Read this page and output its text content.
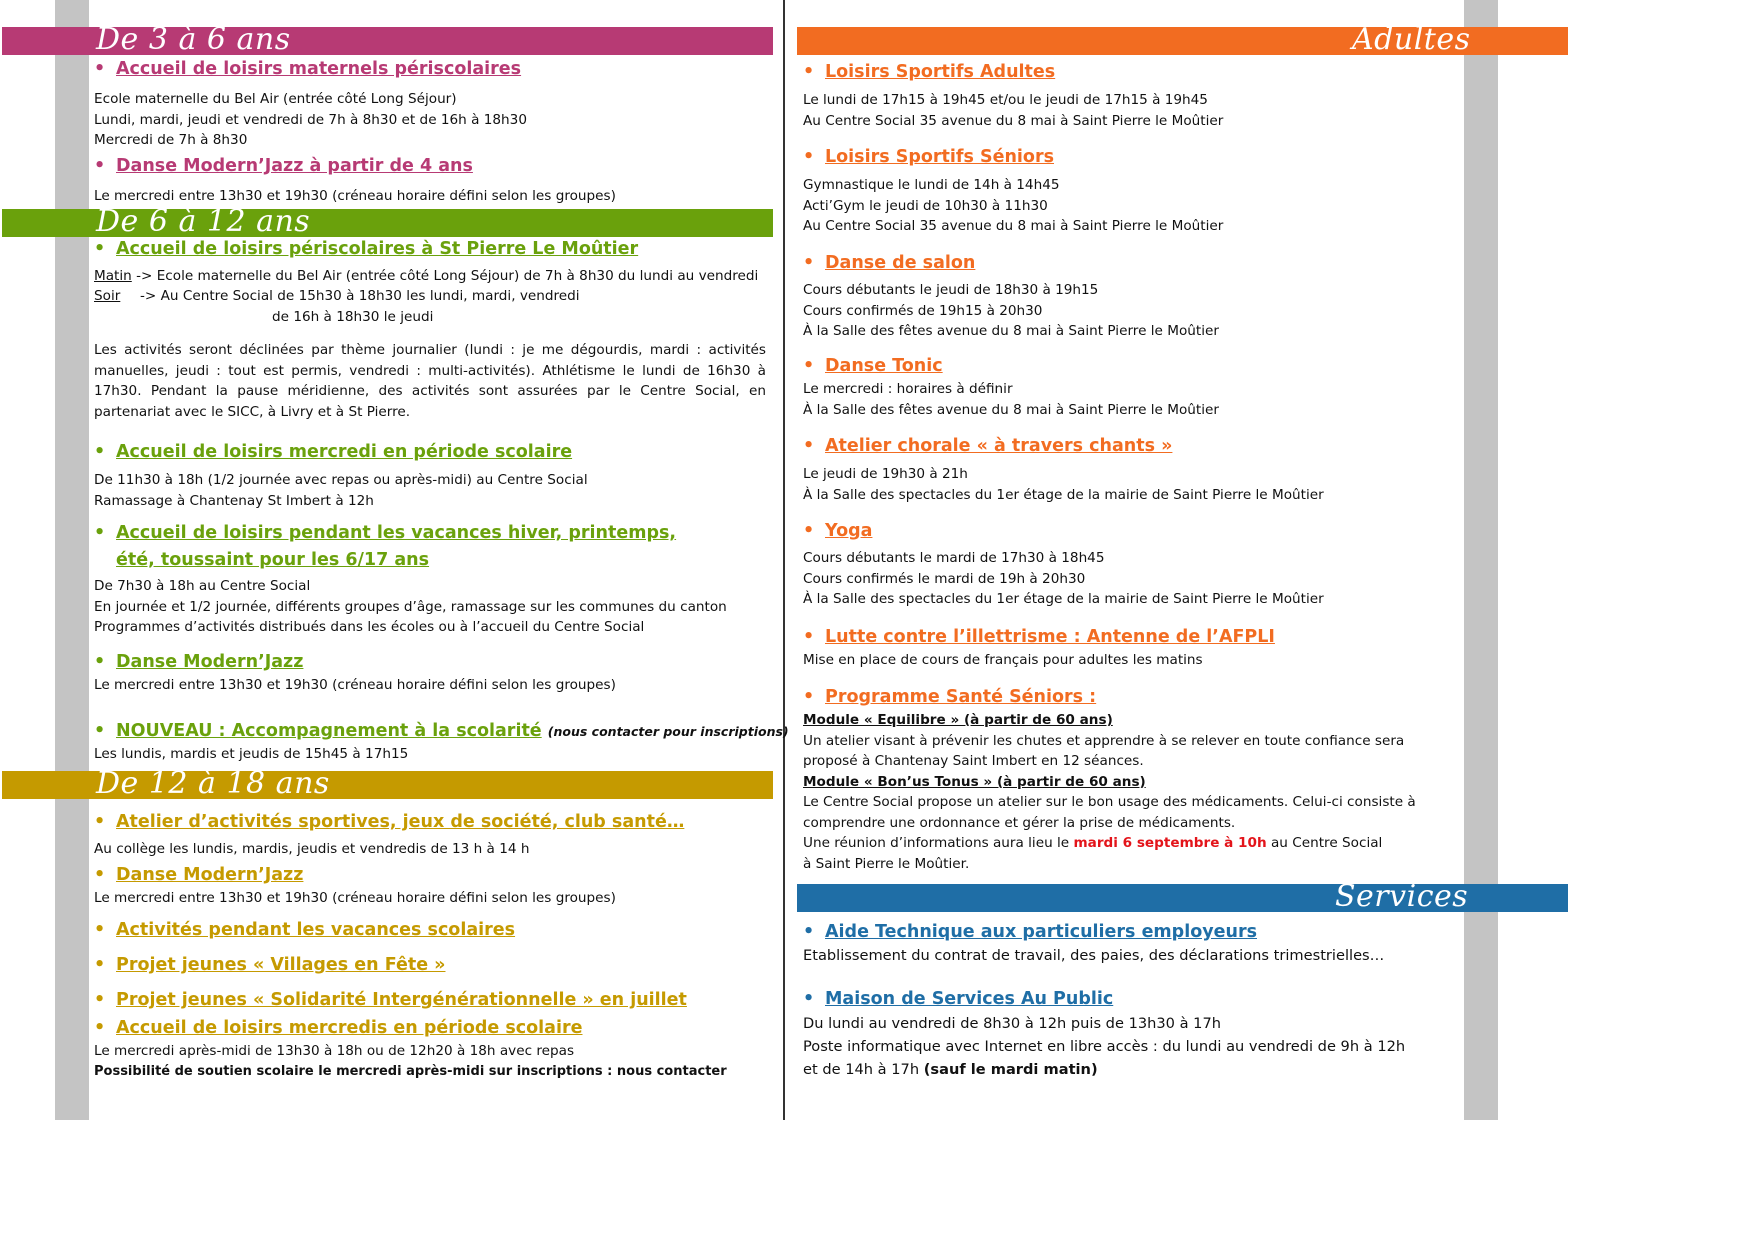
De 3 à 6 ans
• Accueil de loisirs maternels périscolaires
Ecole maternelle du Bel Air (entrée côté Long Séjour)
Lundi, mardi, jeudi et vendredi de 7h à 8h30 et de 16h à 18h30
Mercredi de 7h à 8h30
• Danse Modern’Jazz à partir de 4 ans
Le mercredi entre 13h30 et 19h30 (créneau horaire défini selon les groupes)
De 6 à 12 ans
• Accueil de loisirs périscolaires à St Pierre Le Moûtier
Matin -> Ecole maternelle du Bel Air (entrée côté Long Séjour) de 7h à 8h30 du lundi au vendredi
Soir -> Au Centre Social de 15h30 à 18h30 les lundi, mardi, vendredi
de 16h à 18h30 le jeudi
Les activités seront déclinées par thème journalier (lundi : je me dégourdis, mardi : activités manuelles, jeudi : tout est permis, vendredi : multi-activités). Athlétisme le lundi de 16h30 à 17h30. Pendant la pause méridienne, des activités sont assurées par le Centre Social, en partenariat avec le SICC, à Livry et à St Pierre.
• Accueil de loisirs mercredi en période scolaire
De 11h30 à 18h (1/2 journée avec repas ou après-midi) au Centre Social
Ramassage à Chantenay St Imbert à 12h
• Accueil de loisirs pendant les vacances hiver, printemps,
été, toussaint pour les 6/17 ans
De 7h30 à 18h au Centre Social
En journée et 1/2 journée, différents groupes d’âge, ramassage sur les communes du canton
Programmes d’activités distribués dans les écoles ou à l’accueil du Centre Social
• Danse Modern’Jazz
Le mercredi entre 13h30 et 19h30 (créneau horaire défini selon les groupes)
• NOUVEAU : Accompagnement à la scolarité (nous contacter pour inscriptions)
Les lundis, mardis et jeudis de 15h45 à 17h15
De 12 à 18 ans
• Atelier d’activités sportives, jeux de société, club santé…
Au collège les lundis, mardis, jeudis et vendredis de 13 h à 14 h
• Danse Modern’Jazz
Le mercredi entre 13h30 et 19h30 (créneau horaire défini selon les groupes)
• Activités pendant les vacances scolaires
• Projet jeunes « Villages en Fête »
• Projet jeunes « Solidarité Intergénérationnelle » en juillet
• Accueil de loisirs mercredis en période scolaire
Le mercredi après-midi de 13h30 à 18h ou de 12h20 à 18h avec repas
Possibilité de soutien scolaire le mercredi après-midi sur inscriptions : nous contacter
Adultes
• Loisirs Sportifs Adultes
Le lundi de 17h15 à 19h45 et/ou le jeudi de 17h15 à 19h45
Au Centre Social 35 avenue du 8 mai à Saint Pierre le Moûtier
• Loisirs Sportifs Séniors
Gymnastique le lundi de 14h à 14h45
Acti’Gym le jeudi de 10h30 à 11h30
Au Centre Social 35 avenue du 8 mai à Saint Pierre le Moûtier
• Danse de salon
Cours débutants le jeudi de 18h30 à 19h15
Cours confirmés de 19h15 à 20h30
À la Salle des fêtes avenue du 8 mai à Saint Pierre le Moûtier
• Danse Tonic
Le mercredi : horaires à définir
À la Salle des fêtes avenue du 8 mai à Saint Pierre le Moûtier
• Atelier chorale « à travers chants »
Le jeudi de 19h30 à 21h
À la Salle des spectacles du 1er étage de la mairie de Saint Pierre le Moûtier
• Yoga
Cours débutants le mardi de 17h30 à 18h45
Cours confirmés le mardi de 19h à 20h30
À la Salle des spectacles du 1er étage de la mairie de Saint Pierre le Moûtier
• Lutte contre l’illettrisme : Antenne de l’AFPLI
Mise en place de cours de français pour adultes les matins
• Programme Santé Séniors :
Module « Equilibre » (à partir de 60 ans)
Un atelier visant à prévenir les chutes et apprendre à se relever en toute confiance sera
proposé à Chantenay Saint Imbert en 12 séances.
Module « Bon’us Tonus » (à partir de 60 ans)
Le Centre Social propose un atelier sur le bon usage des médicaments. Celui-ci consiste à
comprendre une ordonnance et gérer la prise de médicaments.
Une réunion d’informations aura lieu le mardi 6 septembre à 10h au Centre Social
à Saint Pierre le Moûtier.
Services
• Aide Technique aux particuliers employeurs
Etablissement du contrat de travail, des paies, des déclarations trimestrielles…
• Maison de Services Au Public
Du lundi au vendredi de 8h30 à 12h puis de 13h30 à 17h
Poste informatique avec Internet en libre accès : du lundi au vendredi de 9h à 12h
et de 14h à 17h (sauf le mardi matin)
